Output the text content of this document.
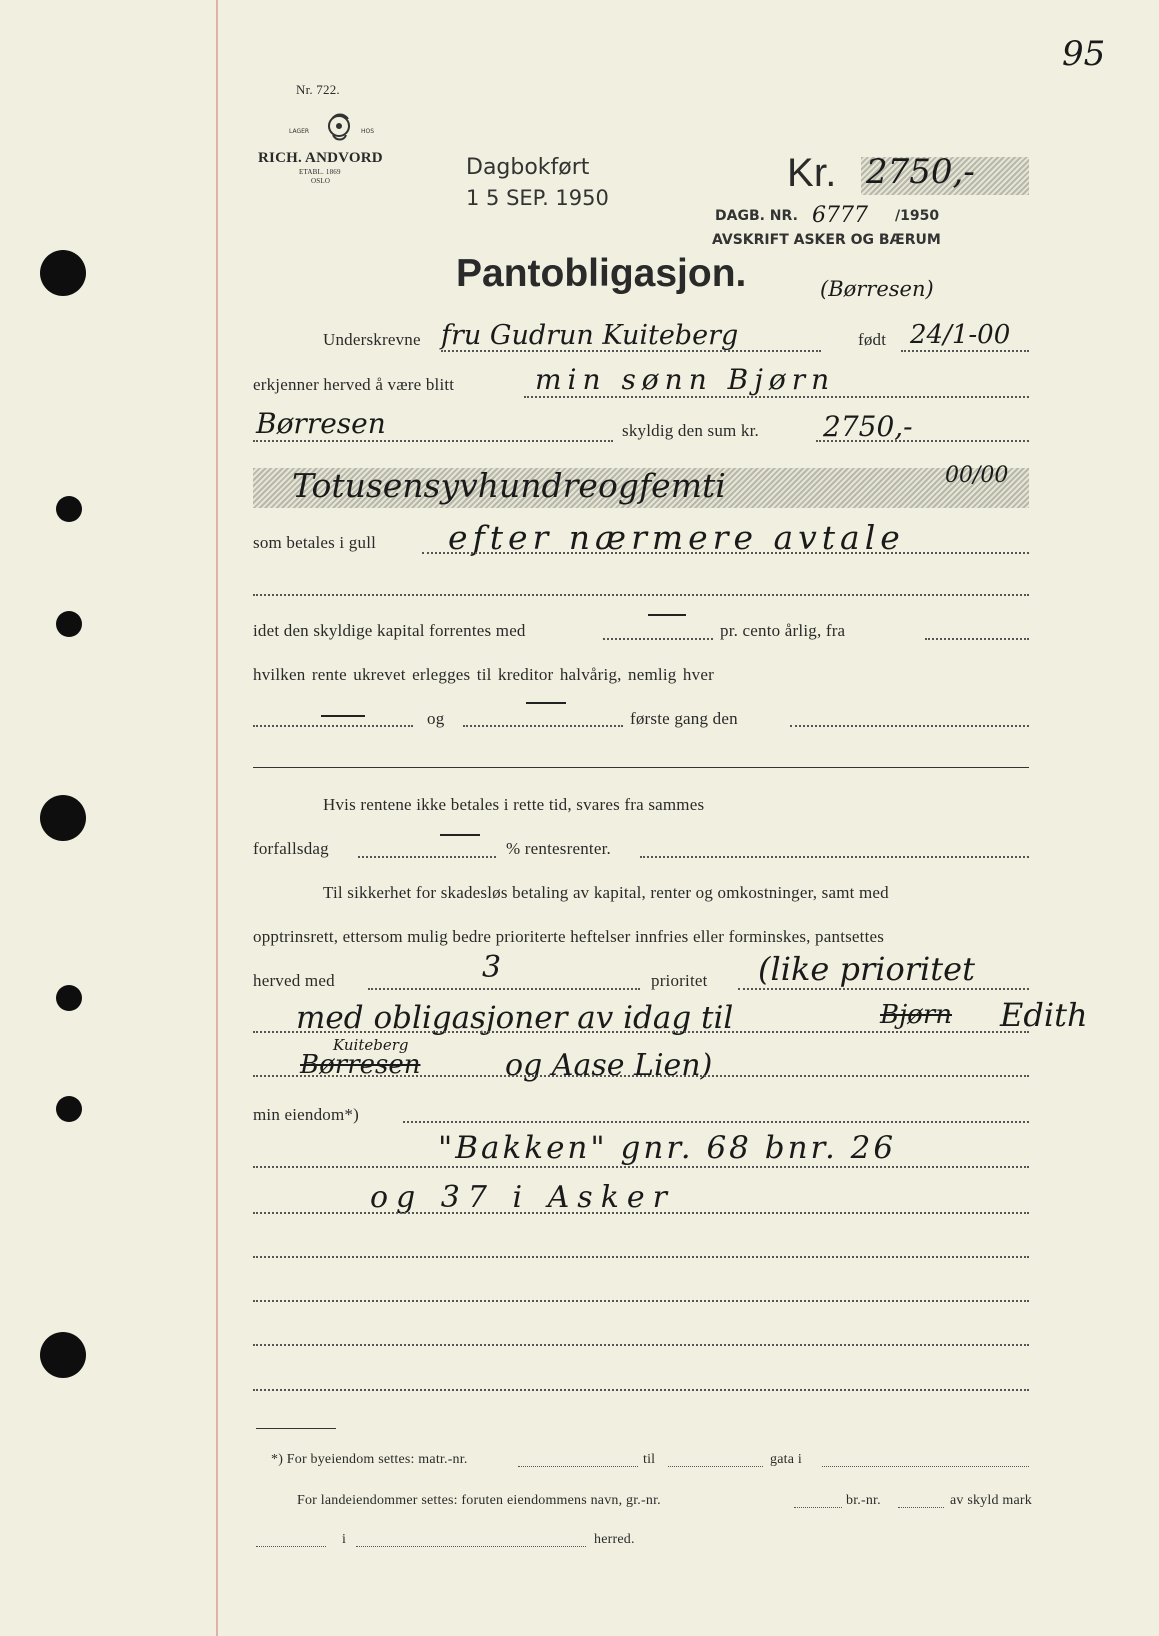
95
Nr. 722.
LAGER	HOS
RICH. ANDVORD
ETABL. 1869
OSLO
Dagbokført
1 5 SEP. 1950
Kr. 2750,-
DAGB. NR. 6777 /1950
AVSKRIFT ASKER OG BÆRUM
Pantobligasjon.	(Børresen)
Underskrevne fru Gudrun Kuiteberg	født 24/1-00
erkjenner herved å være blitt	min sønn Bjørn
Børresen	skyldig den sum kr. 2750,-
Totusensyvhundreogfemti	00/00
som betales i gull efter nærmere avtale
idet den skyldige kapital forrentes med	pr. cento årlig, fra
hvilken rente ukrevet erlegges til kreditor halvårig, nemlig hver
og	første gang den
Hvis rentene ikke betales i rette tid, svares fra sammes
forfallsdag	% rentesrenter.
Til sikkerhet for skadesløs betaling av kapital, renter og omkostninger, samt med
opptrinsrett, ettersom mulig bedre prioriterte heftelser innfries eller forminskes, pantsettes
herved med	3	prioritet (like prioritet
med obligasjoner av idag til	Bjørn Edith
Kuiteberg
Børresen	og Aase Lien)
min eiendom*)
"Bakken" gnr. 68 bnr. 26
og 37 i Asker
*) For byeiendom settes: matr.-nr.	til	gata i
For landeiendommer settes: foruten eiendommens navn, gr.-nr.	br.-nr.	av skyld mark
i	herred.
